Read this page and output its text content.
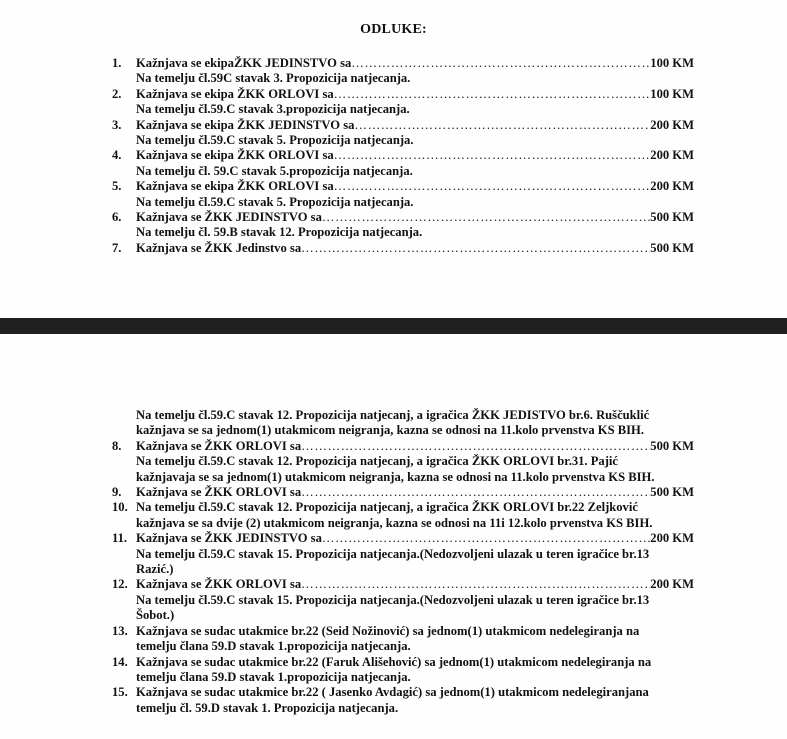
ODLUKE:
1. Kažnjava se ekipaŽKK JEDINSTVO sa ……………………………………………………………………………………………………………………………………………	100 KM
Na temelju čl.59C stavak 3. Propozicija natjecanja.
2. Kažnjava se ekipa ŽKK ORLOVI sa ……………………………………………………………………………………………………………………………………………	100 KM
Na temelju čl.59.C stavak 3.propozicija natjecanja.
3. Kažnjava se ekipa ŽKK JEDINSTVO sa ……………………………………………………………………………………………………………………………………………	200 KM
Na temelju čl.59.C stavak 5. Propozicija natjecanja.
4. Kažnjava se ekipa ŽKK ORLOVI sa ……………………………………………………………………………………………………………………………………………	200 KM
Na temelju čl. 59.C stavak 5.propozicija natjecanja.
5. Kažnjava se ekipa ŽKK ORLOVI sa ……………………………………………………………………………………………………………………………………………	200 KM
Na temelju čl.59.C stavak 5. Propozicija natjecanja.
6. Kažnjava se ŽKK JEDINSTVO sa ……………………………………………………………………………………………………………………………………………	500 KM
Na temelju čl. 59.B stavak 12. Propozicija natjecanja.
7. Kažnjava se ŽKK Jedinstvo sa ……………………………………………………………………………………………………………………………………………	500 KM
Na temelju čl.59.C stavak 12. Propozicija natjecanj, a igračica ŽKK JEDISTVO br.6. Ruščuklić
kažnjava se sa jednom(1) utakmicom neigranja, kazna se odnosi na 11.kolo prvenstva KS BIH.
8. Kažnjava se ŽKK ORLOVI sa ……………………………………………………………………………………………………………………………………………	500 KM
Na temelju čl.59.C stavak 12. Propozicija natjecanj, a igračica ŽKK ORLOVI br.31. Pajić
kažnjavaja se sa jednom(1) utakmicom neigranja, kazna se odnosi na 11.kolo prvenstva KS BIH.
9. Kažnjava se ŽKK ORLOVI sa ……………………………………………………………………………………………………………………………………………	500 KM
10. Na temelju čl.59.C stavak 12. Propozicija natjecanj, a igračica ŽKK ORLOVI br.22 Zeljković
kažnjava se sa dvije (2) utakmicom neigranja, kazna se odnosi na 11i 12.kolo prvenstva KS BIH.
11. Kažnjava se ŽKK JEDINSTVO sa ……………………………………………………………………………………………………………………………………………	200 KM
Na temelju čl.59.C stavak 15. Propozicija natjecanja.(Nedozvoljeni ulazak u teren igračice br.13
Razić.)
12. Kažnjava se ŽKK ORLOVI sa ……………………………………………………………………………………………………………………………………………	200 KM
Na temelju čl.59.C stavak 15. Propozicija natjecanja.(Nedozvoljeni ulazak u teren igračice br.13
Šobot.)
13. Kažnjava se sudac utakmice br.22 (Seid Nožinović) sa jednom(1) utakmicom nedelegiranja na
temelju člana 59.D stavak 1.propozicija natjecanja.
14. Kažnjava se sudac utakmice br.22 (Faruk Ališehović) sa jednom(1) utakmicom nedelegiranja na
temelju člana 59.D stavak 1.propozicija natjecanja.
15. Kažnjava se sudac utakmice br.22 ( Jasenko Avdagić) sa jednom(1) utakmicom nedelegiranjana
temelju čl. 59.D stavak 1. Propozicija natjecanja.
